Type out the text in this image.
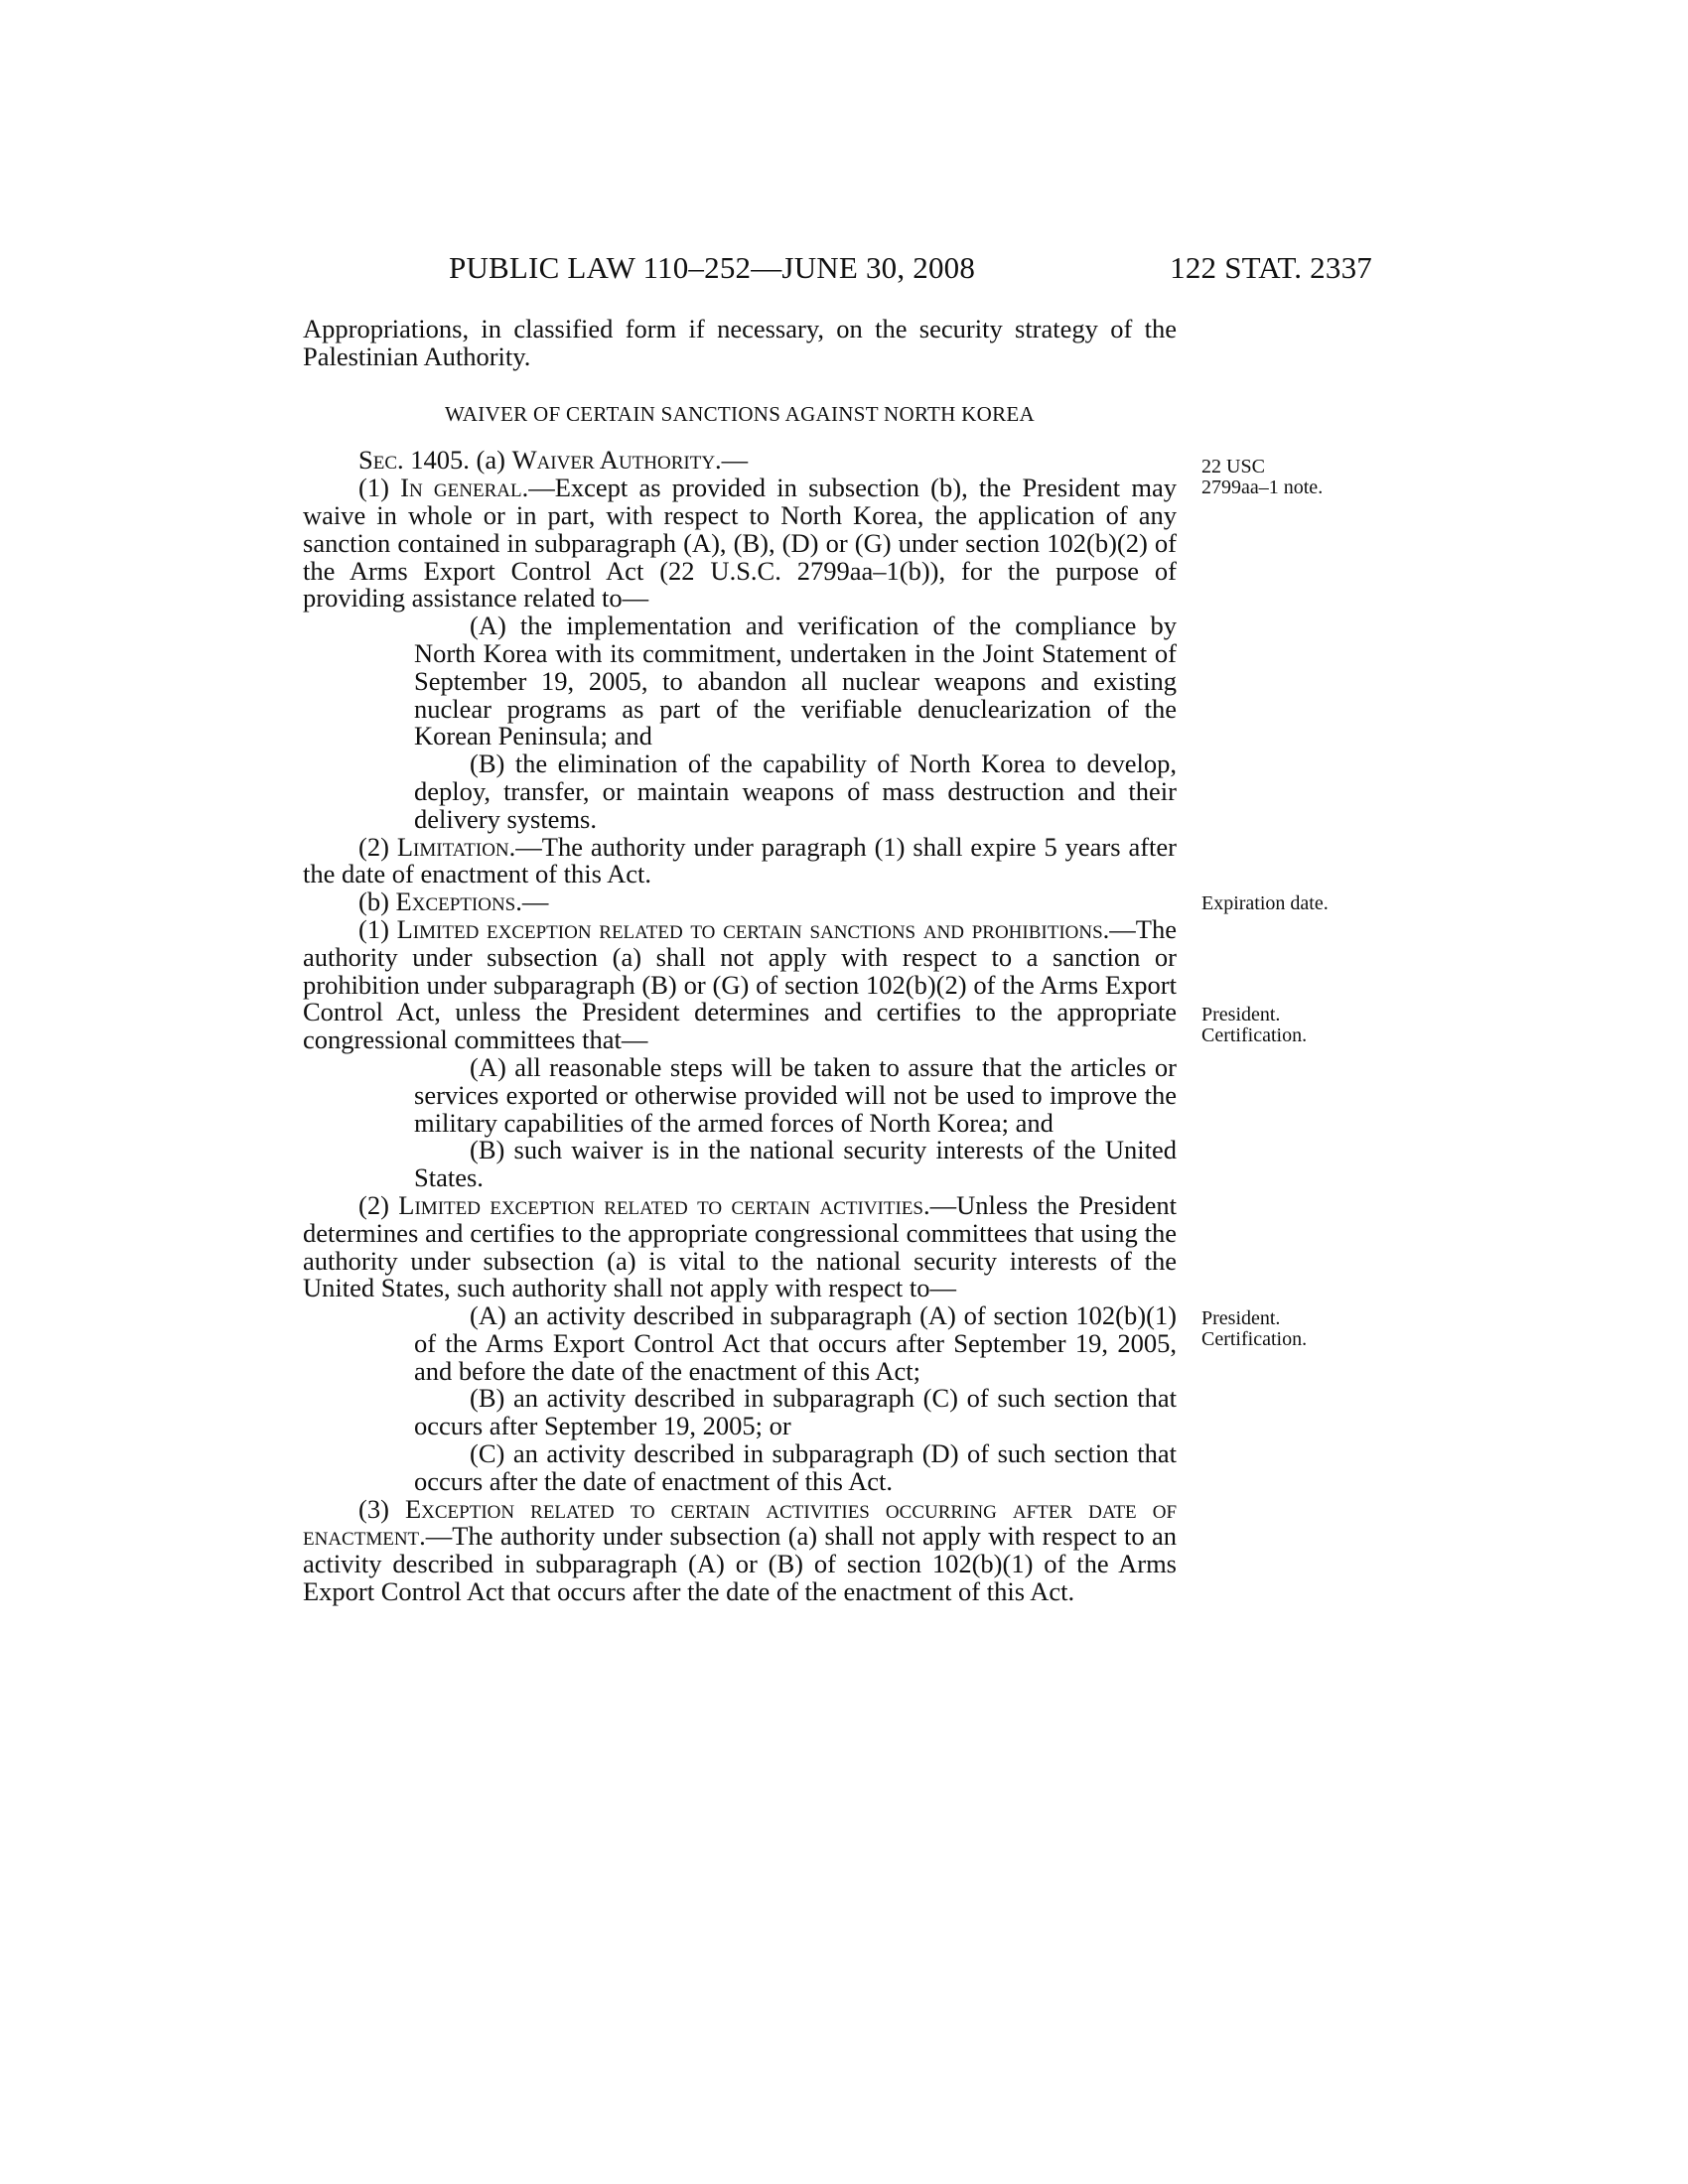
PUBLIC LAW 110–252—JUNE 30, 2008	122 STAT. 2337

Appropriations, in classified form if necessary, on the security strategy of the Palestinian Authority.

WAIVER OF CERTAIN SANCTIONS AGAINST NORTH KOREA

Sec. 1405. (a) Waiver Authority.—

(1) In general.—Except as provided in subsection (b), the President may waive in whole or in part, with respect to North Korea, the application of any sanction contained in subparagraph (A), (B), (D) or (G) under section 102(b)(2) of the Arms Export Control Act (22 U.S.C. 2799aa–1(b)), for the purpose of providing assistance related to—

(A) the implementation and verification of the compliance by North Korea with its commitment, undertaken in the Joint Statement of September 19, 2005, to abandon all nuclear weapons and existing nuclear programs as part of the verifiable denuclearization of the Korean Peninsula; and

(B) the elimination of the capability of North Korea to develop, deploy, transfer, or maintain weapons of mass destruction and their delivery systems.

(2) Limitation.—The authority under paragraph (1) shall expire 5 years after the date of enactment of this Act.

(b) Exceptions.—

(1) Limited exception related to certain sanctions and prohibitions.—The authority under subsection (a) shall not apply with respect to a sanction or prohibition under subparagraph (B) or (G) of section 102(b)(2) of the Arms Export Control Act, unless the President determines and certifies to the appropriate congressional committees that—

(A) all reasonable steps will be taken to assure that the articles or services exported or otherwise provided will not be used to improve the military capabilities of the armed forces of North Korea; and

(B) such waiver is in the national security interests of the United States.

(2) Limited exception related to certain activities.—Unless the President determines and certifies to the appropriate congressional committees that using the authority under subsection (a) is vital to the national security interests of the United States, such authority shall not apply with respect to—

(A) an activity described in subparagraph (A) of section 102(b)(1) of the Arms Export Control Act that occurs after September 19, 2005, and before the date of the enactment of this Act;

(B) an activity described in subparagraph (C) of such section that occurs after September 19, 2005; or

(C) an activity described in subparagraph (D) of such section that occurs after the date of enactment of this Act.

(3) Exception related to certain activities occurring after date of enactment.—The authority under subsection (a) shall not apply with respect to an activity described in subparagraph (A) or (B) of section 102(b)(1) of the Arms Export Control Act that occurs after the date of the enactment of this Act.

22 USC
2799aa–1 note.
Expiration date.
President.
Certification.
President.
Certification.
